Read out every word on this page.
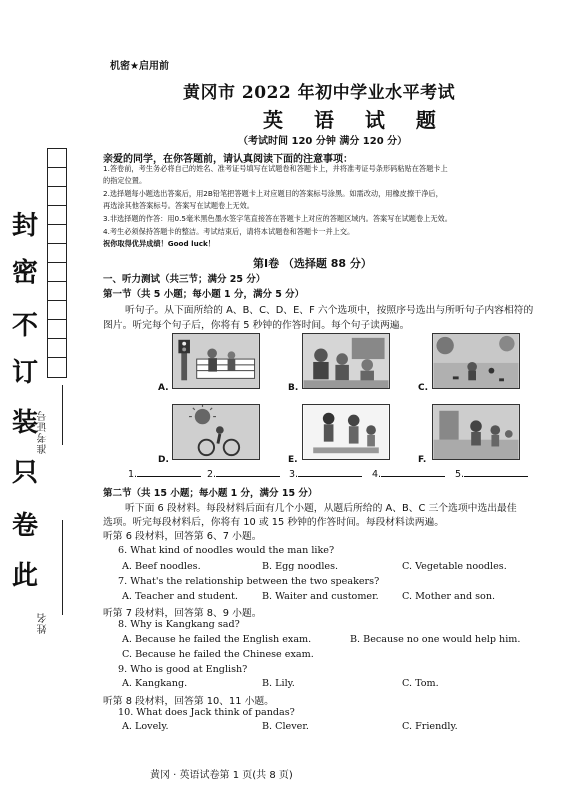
封
密
不
订
装
只
卷
此
准考证号
姓名
机密★启用前
黄冈市 2022 年初中学业水平考试
英 语 试 题
（考试时间 120 分钟 满分 120 分）
亲爱的同学，在你答题前，请认真阅读下面的注意事项：
1.答卷前，考生务必将自己的姓名、准考证号填写在试题卷和答题卡上，并将准考证号条形码粘贴在答题卡上
的指定位置。
2.选择题每小题选出答案后，用2B铅笔把答题卡上对应题目的答案标号涂黑。如需改动，用橡皮擦干净后，
再选涂其他答案标号。答案写在试题卷上无效。
3.非选择题的作答：用0.5毫米黑色墨水签字笔直接答在答题卡上对应的答题区域内。答案写在试题卷上无效。
4.考生必须保持答题卡的整洁。考试结束后，请将本试题卷和答题卡一并上交。
祝你取得优异成绩！Good luck！
第Ⅰ卷 （选择题 88 分）
一、听力测试（共三节；满分 25 分）
第一节（共 5 小题；每小题 1 分，满分 5 分）
听句子。从下面所给的 A、B、C、D、E、F 六个选项中，按照序号选出与所听句子内容相符的
图片。听完每个句子后，你将有 5 秒钟的作答时间。每个句子读两遍。
A.	B.	C.
D.	E.	F.
1.	2.	3.	4.	5.
第二节（共 15 小题；每小题 1 分，满分 15 分）
听下面 6 段材料。每段材料后面有几个小题，从题后所给的 A、B、C 三个选项中选出最佳
选项。听完每段材料后，你将有 10 或 15 秒钟的作答时间。每段材料读两遍。
听第 6 段材料，回答第 6、7 小题。
6. What kind of noodles would the man like?
A. Beef noodles.	B. Egg noodles.	C. Vegetable noodles.
7. What's the relationship between the two speakers?
A. Teacher and student.	B. Waiter and customer. C. Mother and son.
听第 7 段材料，回答第 8、9 小题。
8. Why is Kangkang sad?
A. Because he failed the English exam.	B. Because no one would help him.
C. Because he failed the Chinese exam.
9. Who is good at English?
A. Kangkang.	B. Lily.	C. Tom.
听第 8 段材料，回答第 10、11 小题。
10. What does Jack think of pandas?
A. Lovely.	B. Clever.	C. Friendly.
黄冈 · 英语试卷第 1 页(共 8 页)
